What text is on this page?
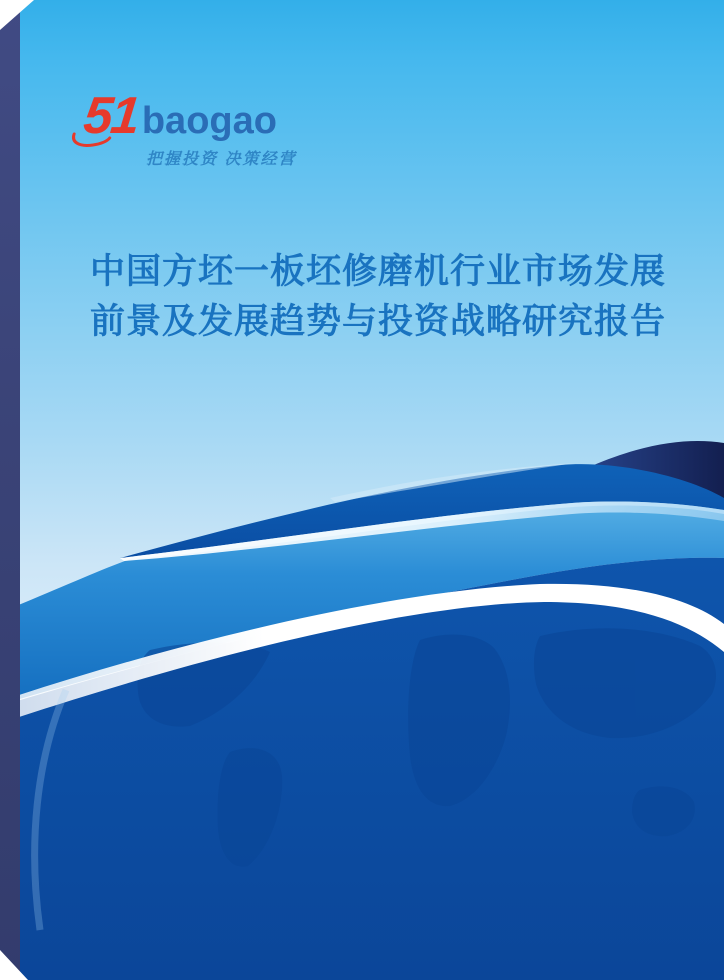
51 baogao
把握投资 决策经营
中国方坯一板坯修磨机行业市场发展
前景及发展趋势与投资战略研究报告
